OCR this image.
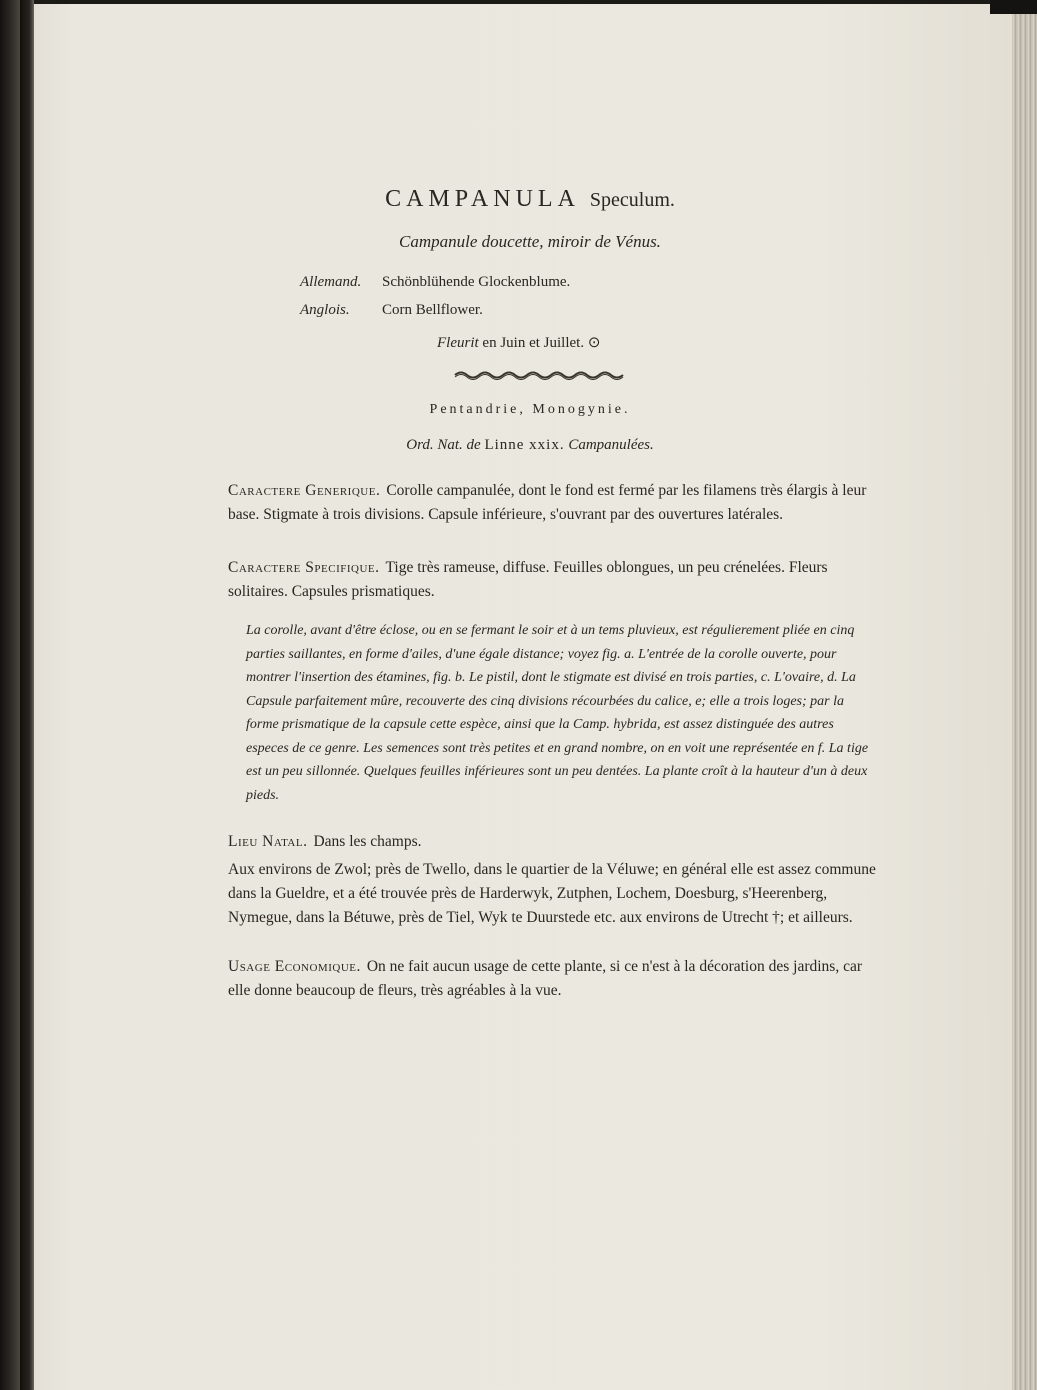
CAMPANULA Speculum.
Campanule doucette, miroir de Vénus.
Allemand. Schönblühende Glockenblume.
Anglois. Corn Bellflower.
Fleurit en Juin et Juillet. ⊙
Pentandrie, Monogynie.
Ord. Nat. de Linne xxix. Campanulées.

Caractere Generique. Corolle campanulée, dont le fond est fermé par les filamens très élargis à leur base. Stigmate à trois divisions. Capsule inférieure, s'ouvrant par des ouvertures latérales.

Caractere Specifique. Tige très rameuse, diffuse. Feuilles oblongues, un peu crénelées. Fleurs solitaires. Capsules prismatiques.

La corolle, avant d'être éclose, ou en se fermant le soir et à un tems pluvieux, est régulierement pliée en cinq parties saillantes, en forme d'ailes, d'une égale distance; voyez fig. a. L'entrée de la corolle ouverte, pour montrer l'insertion des étamines, fig. b. Le pistil, dont le stigmate est divisé en trois parties, c. L'ovaire, d. La Capsule parfaitement mûre, recouverte des cinq divisions récourbées du calice, e; elle a trois loges; par la forme prismatique de la capsule cette espèce, ainsi que la Camp. hybrida, est assez distinguée des autres especes de ce genre. Les semences sont très petites et en grand nombre, on en voit une représentée en f. La tige est un peu sillonnée. Quelques feuilles inférieures sont un peu dentées. La plante croît à la hauteur d'un à deux pieds.

Lieu Natal. Dans les champs.

Aux environs de Zwol; près de Twello, dans le quartier de la Véluwe; en général elle est assez commune dans la Gueldre, et a été trouvée près de Harderwyk, Zutphen, Lochem, Doesburg, s'Heerenberg, Nymegue, dans la Bétuwe, près de Tiel, Wyk te Duurstede etc. aux environs de Utrecht †; et ailleurs.

Usage Economique. On ne fait aucun usage de cette plante, si ce n'est à la décoration des jardins, car elle donne beaucoup de fleurs, très agréables à la vue.
